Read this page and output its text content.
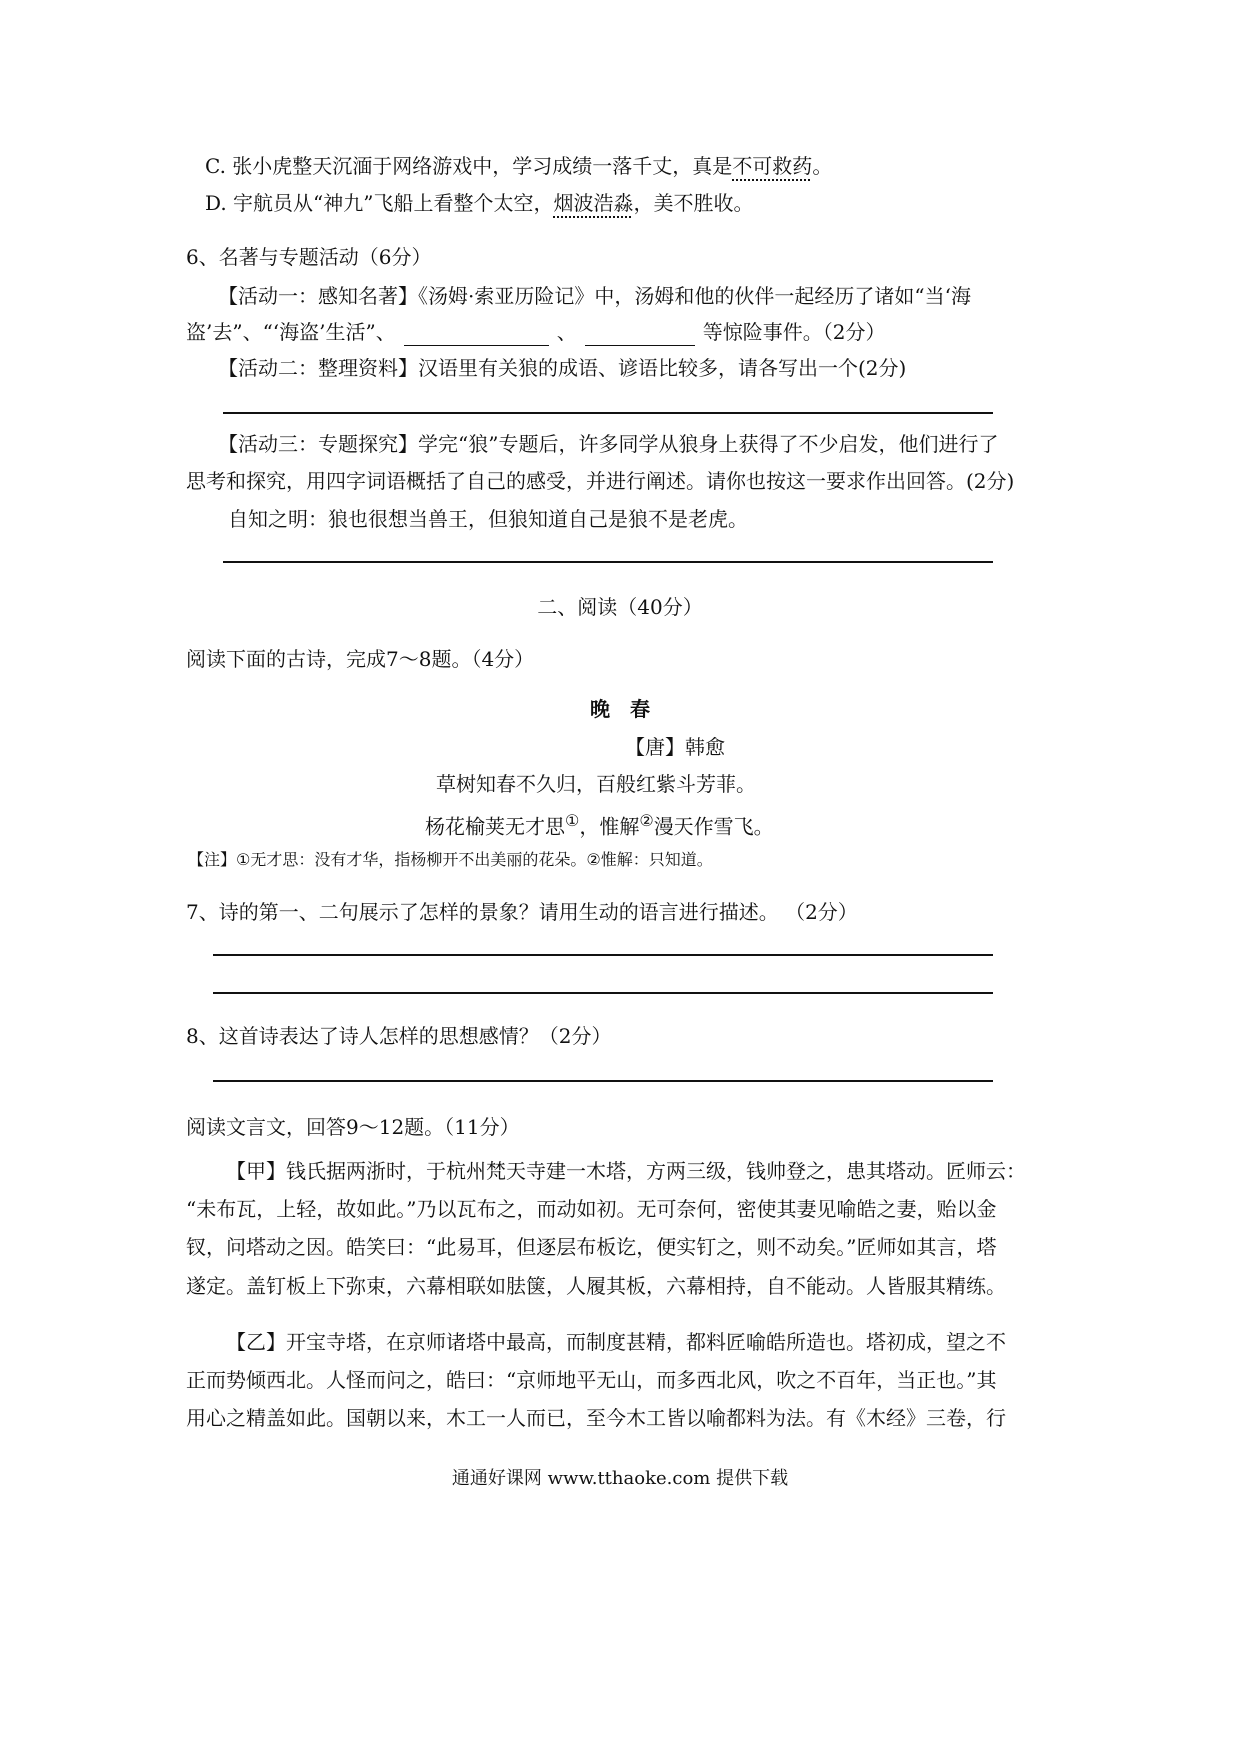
C. 张小虎整天沉湎于网络游戏中，学习成绩一落千丈，真是不可救药。
D. 宇航员从“神九”飞船上看整个太空，烟波浩淼，美不胜收。
6、名著与专题活动（6分）
【活动一：感知名著】《汤姆·索亚历险记》中，汤姆和他的伙伴一起经历了诸如“当‘海
盗’去”、“‘海盗’生活”、	、	等惊险事件。（2分）
【活动二：整理资料】汉语里有关狼的成语、谚语比较多，请各写出一个(2分)
【活动三：专题探究】学完“狼”专题后，许多同学从狼身上获得了不少启发，他们进行了
思考和探究，用四字词语概括了自己的感受，并进行阐述。请你也按这一要求作出回答。(2分)
自知之明：狼也很想当兽王，但狼知道自己是狼不是老虎。
二、阅读（40分）
阅读下面的古诗，完成7～8题。（4分）
晚　春
【唐】韩愈
草树知春不久归，百般红紫斗芳菲。
杨花榆荚无才思①，惟解②漫天作雪飞。
【注】①无才思：没有才华，指杨柳开不出美丽的花朵。②惟解：只知道。
7、诗的第一、二句展示了怎样的景象？请用生动的语言进行描述。 （2分）
8、这首诗表达了诗人怎样的思想感情？（2分）
阅读文言文，回答9～12题。（11分）
【甲】钱氏据两浙时，于杭州梵天寺建一木塔，方两三级，钱帅登之，患其塔动。匠师云：
“未布瓦，上轻，故如此。”乃以瓦布之，而动如初。无可奈何，密使其妻见喻皓之妻，贻以金
钗，问塔动之因。皓笑曰：“此易耳，但逐层布板讫，便实钉之，则不动矣。”匠师如其言，塔
遂定。盖钉板上下弥束，六幕相联如胠箧，人履其板，六幕相持，自不能动。人皆服其精练。
【乙】开宝寺塔，在京师诸塔中最高，而制度甚精，都料匠喻皓所造也。塔初成，望之不
正而势倾西北。人怪而问之，皓曰：“京师地平无山，而多西北风，吹之不百年，当正也。”其
用心之精盖如此。国朝以来，木工一人而已，至今木工皆以喻都料为法。有《木经》三卷，行
通通好课网 www.tthaoke.com 提供下载
